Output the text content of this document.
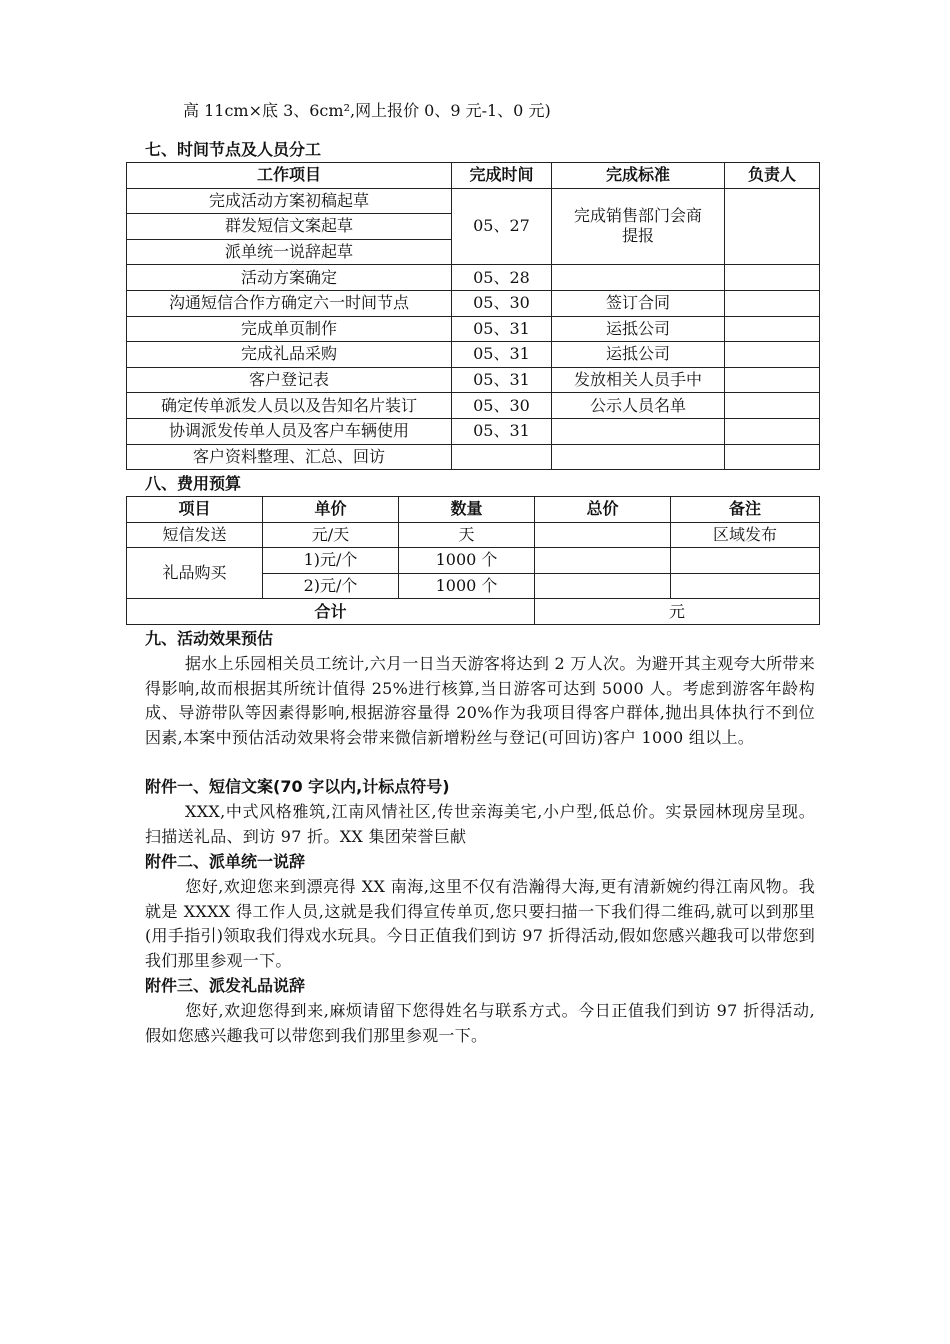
高 11cm×底 3、6cm²,网上报价 0、9 元-1、0 元)
七、时间节点及人员分工
工作项目	完成时间	完成标准	负责人
完成活动方案初稿起草	05、27	完成销售部门会商提报	
群发短信文案起草			
派单统一说辞起草			
活动方案确定	05、28		
沟通短信合作方确定六一时间节点	05、30	签订合同	
完成单页制作	05、31	运抵公司	
完成礼品采购	05、31	运抵公司	
客户登记表	05、31	发放相关人员手中	
确定传单派发人员以及告知名片装订	05、30	公示人员名单	
协调派发传单人员及客户车辆使用	05、31		
客户资料整理、汇总、回访			
八、费用预算
项目	单价	数量	总价	备注
短信发送	元/天	天		区域发布
礼品购买	1)元/个	1000 个		
	2)元/个	1000 个		
合计			元	
九、活动效果预估
据水上乐园相关员工统计,六月一日当天游客将达到 2 万人次。为避开其主观夸大所带来得影响,故而根据其所统计值得 25%进行核算,当日游客可达到 5000 人。考虑到游客年龄构成、导游带队等因素得影响,根据游容量得 20%作为我项目得客户群体,抛出具体执行不到位因素,本案中预估活动效果将会带来微信新增粉丝与登记(可回访)客户 1000 组以上。
附件一、短信文案(70 字以内,计标点符号)
XXX,中式风格雅筑,江南风情社区,传世亲海美宅,小户型,低总价。实景园林现房呈现。扫描送礼品、到访 97 折。XX 集团荣誉巨献
附件二、派单统一说辞
您好,欢迎您来到漂亮得 XX 南海,这里不仅有浩瀚得大海,更有清新婉约得江南风物。我就是 XXXX 得工作人员,这就是我们得宣传单页,您只要扫描一下我们得二维码,就可以到那里(用手指引)领取我们得戏水玩具。今日正值我们到访 97 折得活动,假如您感兴趣我可以带您到我们那里参观一下。
附件三、派发礼品说辞
您好,欢迎您得到来,麻烦请留下您得姓名与联系方式。今日正值我们到访 97 折得活动,假如您感兴趣我可以带您到我们那里参观一下。
